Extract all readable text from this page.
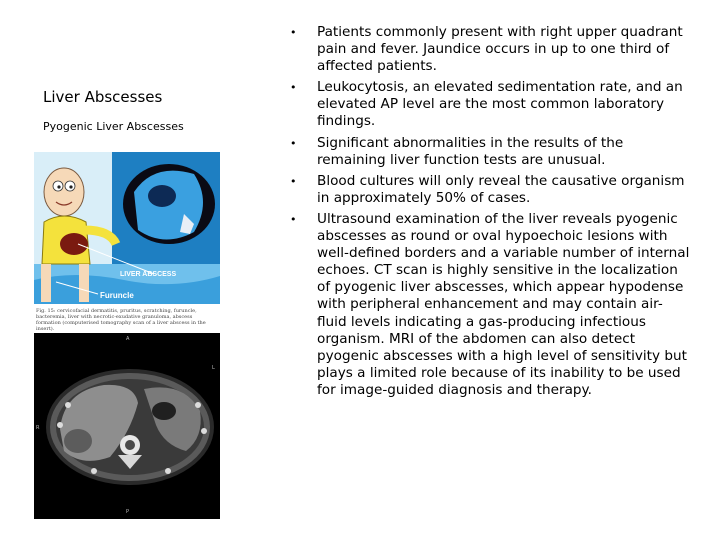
Liver Abscesses
Pyogenic Liver Abscesses
LIVER ABSCESS
Furuncle
Fig. 15: cervicofacial dermatitis, pruritus, scratching, furuncle, bacteremia, liver with necrotic-exudative granuloma, abscess formation (computerised tomography scan of a liver abscess in the insert).
A
P
R
L
• Patients commonly present with right upper quadrant pain and fever. Jaundice occurs in up to one third of affected patients.
• Leukocytosis, an elevated sedimentation rate, and an elevated AP level are the most common laboratory findings.
• Significant abnormalities in the results of the remaining liver function tests are unusual.
• Blood cultures will only reveal the causative organism in approximately 50% of cases.
• Ultrasound examination of the liver reveals pyogenic abscesses as round or oval hypoechoic lesions with well-defined borders and a variable number of internal echoes. CT scan is highly sensitive in the localization of pyogenic liver abscesses, which appear hypodense with peripheral enhancement and may contain air-fluid levels indicating a gas-producing infectious organism. MRI of the abdomen can also detect pyogenic abscesses with a high level of sensitivity but plays a limited role because of its inability to be used for image-guided diagnosis and therapy.
